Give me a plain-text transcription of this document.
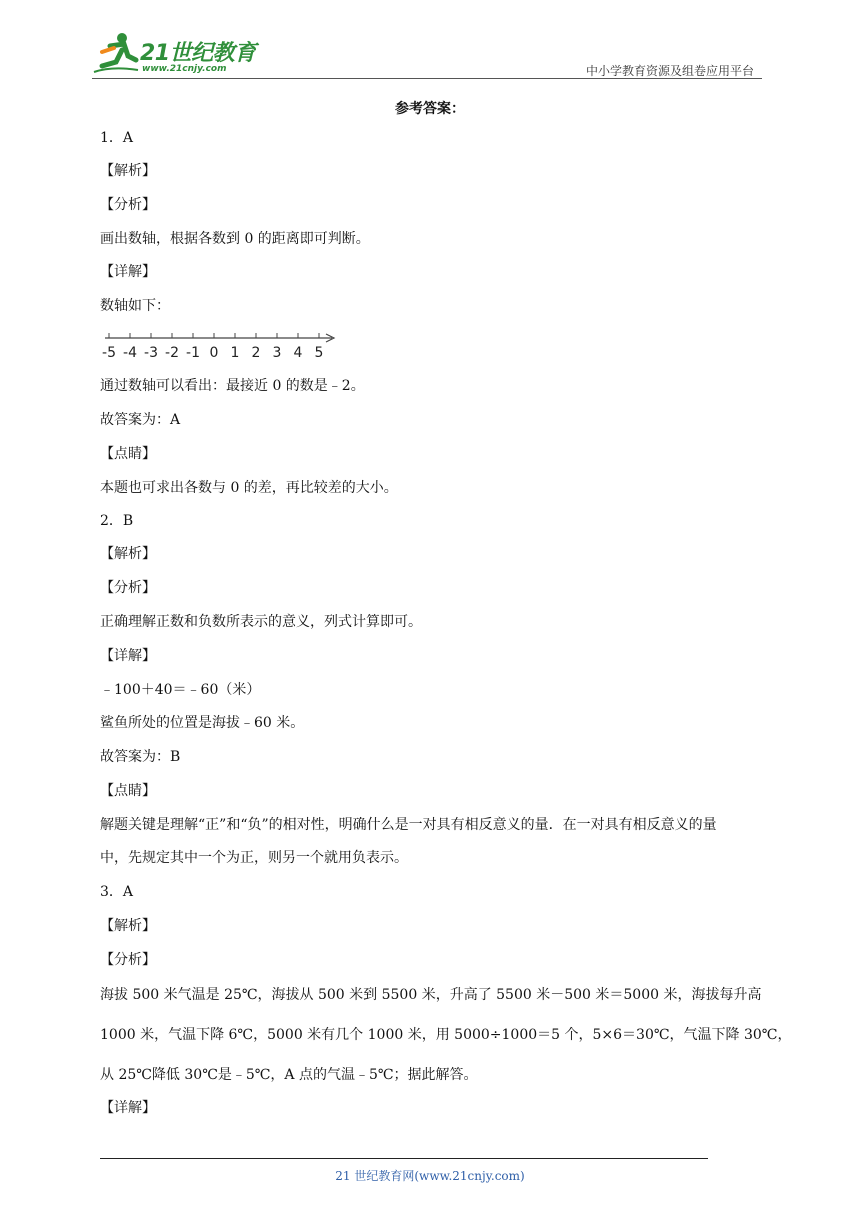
21世纪教育
www.21cnjy.com	中小学教育资源及组卷应用平台
参考答案：
1．A
【解析】
【分析】
画出数轴，根据各数到 0 的距离即可判断。
【详解】
数轴如下：
-5 -4 -3 -2 -1 0 1 2 3 4 5
通过数轴可以看出：最接近 0 的数是﹣2。
故答案为：A
【点睛】
本题也可求出各数与 0 的差，再比较差的大小。
2．B
【解析】
【分析】
正确理解正数和负数所表示的意义，列式计算即可。
【详解】
﹣100＋40＝﹣60（米）
鲨鱼所处的位置是海拔﹣60 米。
故答案为：B
【点睛】
解题关键是理解“正”和“负”的相对性，明确什么是一对具有相反意义的量．在一对具有相反意义的量
中，先规定其中一个为正，则另一个就用负表示。
3．A
【解析】
【分析】
海拔 500 米气温是 25℃，海拔从 500 米到 5500 米，升高了 5500 米－500 米＝5000 米，海拔每升高
1000 米，气温下降 6℃，5000 米有几个 1000 米，用 5000÷1000＝5 个，5×6＝30℃，气温下降 30℃，
从 25℃降低 30℃是﹣5℃，A 点的气温﹣5℃；据此解答。
【详解】
21 世纪教育网(www.21cnjy.com)
